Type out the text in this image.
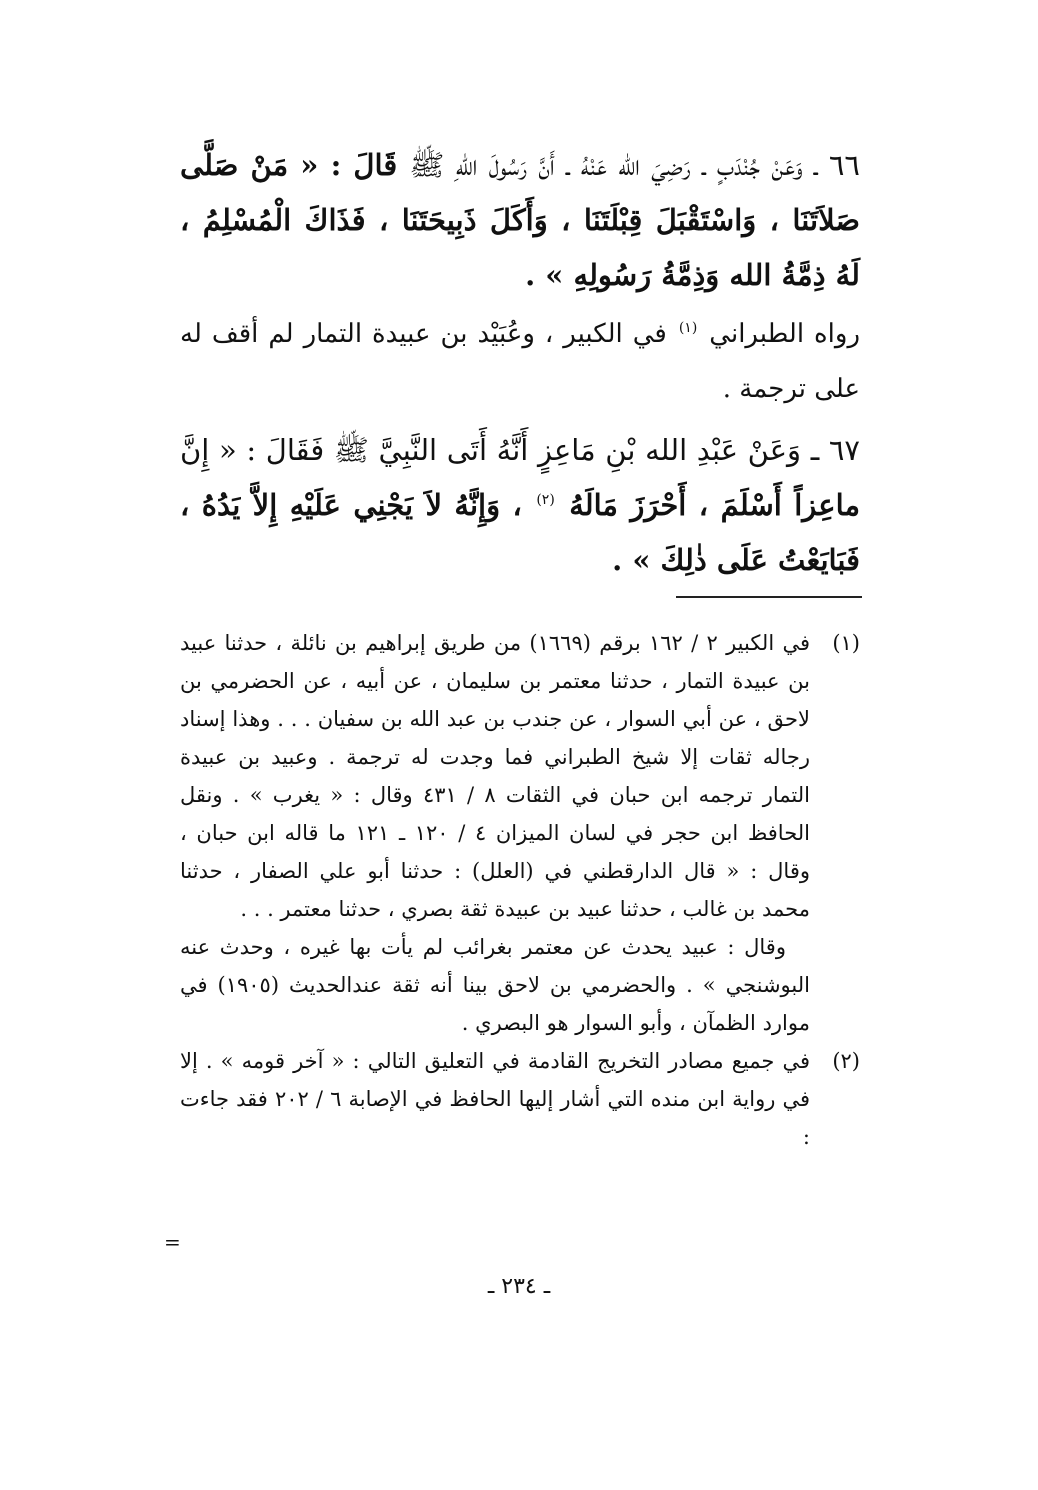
٦٦ ـ وَعَنْ جُنْدَبٍ ـ رَضِيَ الله عَنْهُ ـ أَنَّ رَسُولَ اللهِ ﷺ قَالَ : « مَنْ صَلَّى صَلاَتَنَا ، وَاسْتَقْبَلَ قِبْلَتَنَا ، وَأَكَلَ ذَبِيحَتَنَا ، فَذَاكَ الْمُسْلِمُ ، لَهُ ذِمَّةُ الله وَذِمَّةُ رَسُولِهِ » .

رواه الطبراني $^{(١)}$ في الكبير ، وعُبَيْد بن عبيدة التمار لم أقف له على ترجمة .

٦٧ ـ وَعَنْ عَبْدِ الله بْنِ مَاعِزٍ أَنَّهُ أَتَى النَّبِيَّ ﷺ فَقَالَ : « إِنَّ ماعِزاً أَسْلَمَ ، أَحْرَزَ مَالَهُ $^{(٢)}$ ، وَإِنَّهُ لاَ يَجْنِي عَلَيْهِ إِلاَّ يَدُهُ ، فَبَايَعْتُ عَلَى ذٰلِكَ » .

(١)
في الكبير ٢ / ١٦٢ برقم (١٦٦٩) من طريق إبراهيم بن نائلة ، حدثنا عبيد بن عبيدة التمار ، حدثنا معتمر بن سليمان ، عن أبيه ، عن الحضرمي بن لاحق ، عن أبي السوار ، عن جندب بن عبد الله بن سفيان . . . وهذا إسناد رجاله ثقات إلا شيخ الطبراني فما وجدت له ترجمة . وعبيد بن عبيدة التمار ترجمه ابن حبان في الثقات ٨ / ٤٣١ وقال : « يغرب » . ونقل الحافظ ابن حجر في لسان الميزان ٤ / ١٢٠ ـ ١٢١ ما قاله ابن حبان ، وقال : « قال الدارقطني في (العلل) : حدثنا أبو علي الصفار ، حدثنا محمد بن غالب ، حدثنا عبيد بن عبيدة ثقة بصري ، حدثنا معتمر . . .
وقال : عبيد يحدث عن معتمر بغرائب لم يأت بها غيره ، وحدث عنه البوشنجي » . والحضرمي بن لاحق بينا أنه ثقة عندالحديث (١٩٠٥) في موارد الظمآن ، وأبو السوار هو البصري .
(٢)
في جميع مصادر التخريج القادمة في التعليق التالي : « آخر قومه » . إلا في رواية ابن منده التي أشار إليها الحافظ في الإصابة ٦ / ٢٠٢ فقد جاءت :
=
ـ ٢٣٤ ـ
